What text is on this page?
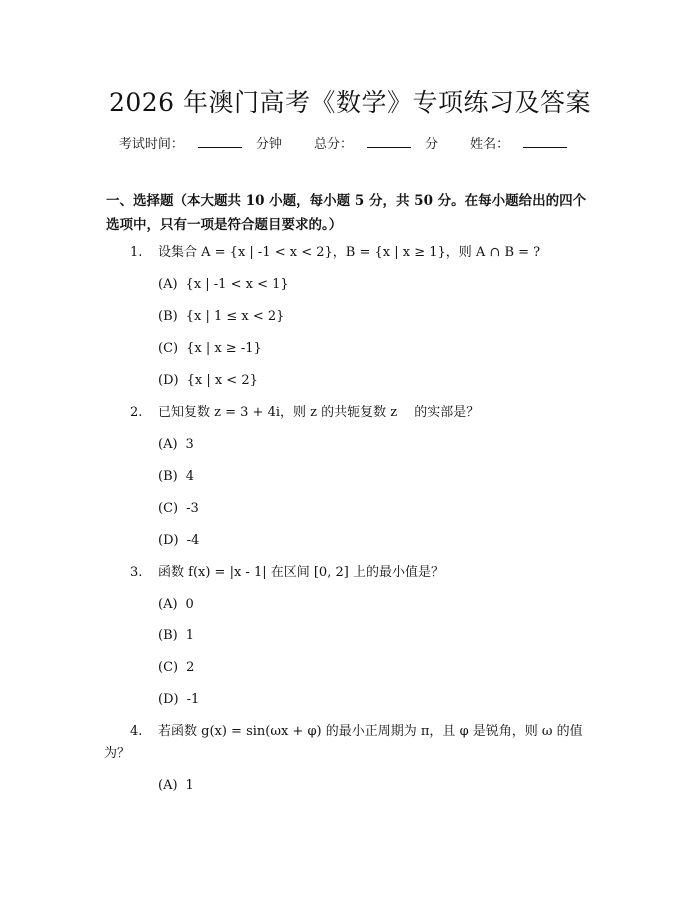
2026 年澳门高考《数学》专项练习及答案
考试时间：	分钟 总分：	分 姓名：
一、选择题（本大题共 10 小题，每小题 5 分，共 50 分。在每小题给出的四个选项中，只有一项是符合题目要求的。）
1.	设集合 A = {x | -1 < x < 2}，B = {x | x ≥ 1}，则 A ∩ B = ?
(A) {x | -1 < x < 1}
(B) {x | 1 ≤ x < 2}
(C) {x | x ≥ -1}
(D) {x | x < 2}
2.	已知复数 z = 3 + 4i，则 z 的共轭复数 z　 的实部是？
(A) 3
(B) 4
(C) -3
(D) -4
3.	函数 f(x) = |x - 1| 在区间 [0, 2] 上的最小值是？
(A) 0
(B) 1
(C) 2
(D) -1
4.	若函数 g(x) = sin(ωx + φ) 的最小正周期为 π，且 φ 是锐角，则 ω 的值为？
(A) 1
